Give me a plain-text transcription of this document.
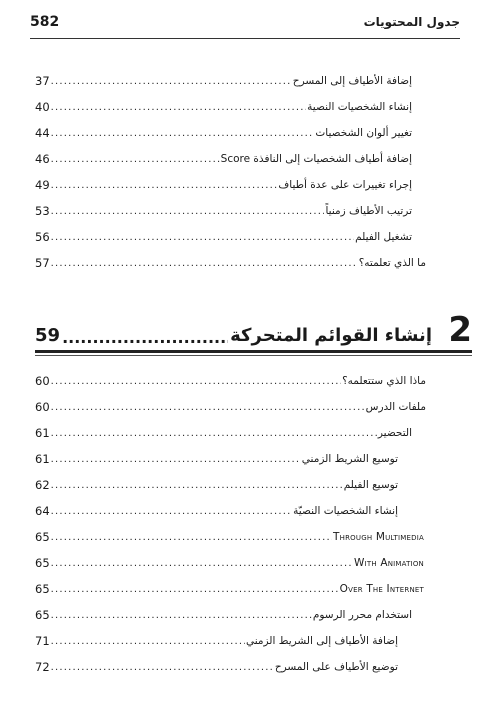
582	جدول المحتويات
إضافة الأطياف إلى المسرح
.....
37
إنشاء الشخصيات النصية
.....
40
تغيير ألوان الشخصيات
.....
44
إضافة أطياف الشخصيات إلى النافذة Score
.....
46
إجراء تغييرات على عدة أطياف
.....
49
ترتيب الأطياف زمنياً
.....
53
تشغيل الفيلم
.....
56
ما الذي تعلمته؟
.....
57
2
إنشاء القوائم المتحركة
.....
59
ماذا الذي ستتعلمه؟
.....
60
ملفات الدرس
.....
60
التحضير
.....
61
توسيع الشريط الزمني
.....
61
توسيع الفيلم
.....
62
إنشاء الشخصيات النصيّة
.....
64
Through Multimedia
.....
65
With Animation
.....
65
Over The Internet
.....
65
استخدام محرر الرسوم
.....
65
إضافة الأطياف إلى الشريط الزمني
.....
71
توضيع الأطياف على المسرح
.....
72
